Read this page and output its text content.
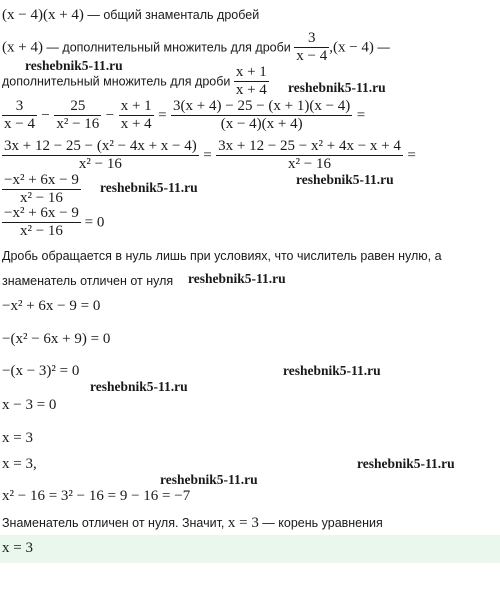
(x − 4)(x + 4) — общий знаменталь дробей
(x + 4) — дополнительный множитель для дроби $\frac{3}{x - 4} ,(x - 4)$ —
reshebnik5-11.ru
дополнительный множитель для дроби $\frac{x + 1}{x + 4}$ reshebnik5-11.ru
$\frac{3}{x - 4} - \frac{25}{\text{x² − 16}} - \frac{x + 1}{x + 4} = \frac{3(x + 4) - 25 - (x + 1)(x - 4)}{(x - 4)(x + 4)}$ =
$\frac{\text{3x + 12 − 25 − (x² − 4x + x − 4)}}{\text{x² − 16}} = \frac{\text{3x + 12 − 25 − x² + 4x − x + 4}}{\text{x² − 16}}$ =
reshebnik5-11.ru
$\frac{\text{−x² + 6x − 9}}{\text{x² − 16}}$ reshebnik5-11.ru
$\frac{\text{−x² + 6x − 9}}{\text{x² − 16}} = 0$
Дробь обращается в нуль лишь при условиях, что числитель равен нулю, а
знаменатель отличен от нуля reshebnik5-11.ru
−x² + 6x − 9 = 0
−(x² − 6x + 9) = 0
−(x − 3)² = 0	reshebnik5-11.ru
reshebnik5-11.ru
x − 3 = 0
x = 3
x = 3,	reshebnik5-11.ru
reshebnik5-11.ru
x² − 16 = 3² − 16 = 9 − 16 = −7
Знаменатель отличен от нуля. Значит, x = 3 — корень уравнения
x = 3
